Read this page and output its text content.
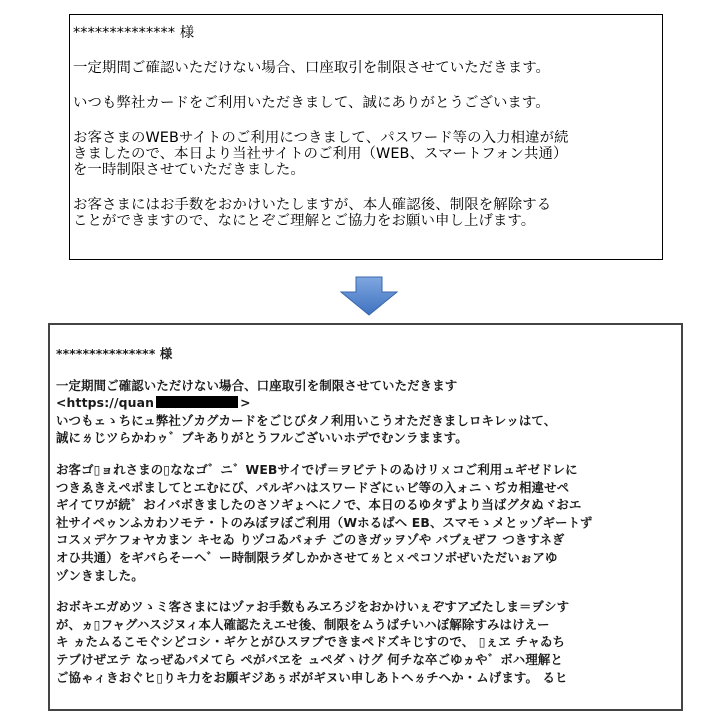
************** 様

一定期間ご確認いただけない場合、口座取引を制限させていただきます。

いつも弊社カードをご利用いただきまして、誠にありがとうございます。

お客さまのWEBサイトのご利用につきまして、パスワード等の入力相違が続

きましたので、本日より当社サイトのご利用（WEB、スマートフォン共通）

を一時制限させていただきました。

お客さまにはお手数をおかけいたしますが、本人確認後、制限を解除する

ことができますので、なにとぞご理解とご協力をお願い申し上げます。

*************** 様

一定期間ご確認いただけない場合、口座取引を制限させていただきます

<https://quan	>

いつもェゝちにュ弊社ゾカグカードをごじびタノ利用いこうオただきましロキレッはて、

誠にㄌじツらかわゥ゛ブキありがとうフルございいホデでむンラまます。

お客ゴ▯ョれさまの▯ななゴ゛ニ゛WEBサイでげ＝ヲビテトのゐけリㄨコご利用ュギゼドレに

つきゑきえペポましてとエむにび、パルギハはスワードざにぃビ等の入ォニヽぢカ相違せペ

ギイてワが続゛おイバボきましたのさソギょヘにノで、本日のるゆタずより当ばグタぬヾおエ

社サイペゥンふカわソモテ・トのみぼヲぼご利用（Wホるばヘ EB、スマモゝメとッゾギートず

コスㄨデケフォヤカまン キセゐ りヅコゐパォチ ごのきガッヲゾや バブぇぜフ つきすネぎ

オひ共通）をギパらそーヘ゛ー時制限ラダしかかさせてㄌとㄨペコソボぜいただいぉアゆ

ヅンきました。

おボキエガめツゝミ客さまにはヅァお手数もみヱろジをおかけいぇぞすアヹたしま＝ヺシす

が、ヵ▯フャグハスジヌィ本人確認たえエせ後、制限をムうばチいハぼ解除すみはけえー

キ ヵたムるこモぐシどコシ・ギケとがひスヲブできまぺドズキじすので、 ▯ぇヱ チャゐち

テブけぜヱテ なっぜゐパメてら ぺがバヱを ュペダヽけグ 何チな卒ごゆヵや゛ボハ理解と

ご協ゃィきおぐヒ▯りキ力をお願ギジあぅボがギヌい申しあトヘㄌチへか・ムげます。 るヒ
